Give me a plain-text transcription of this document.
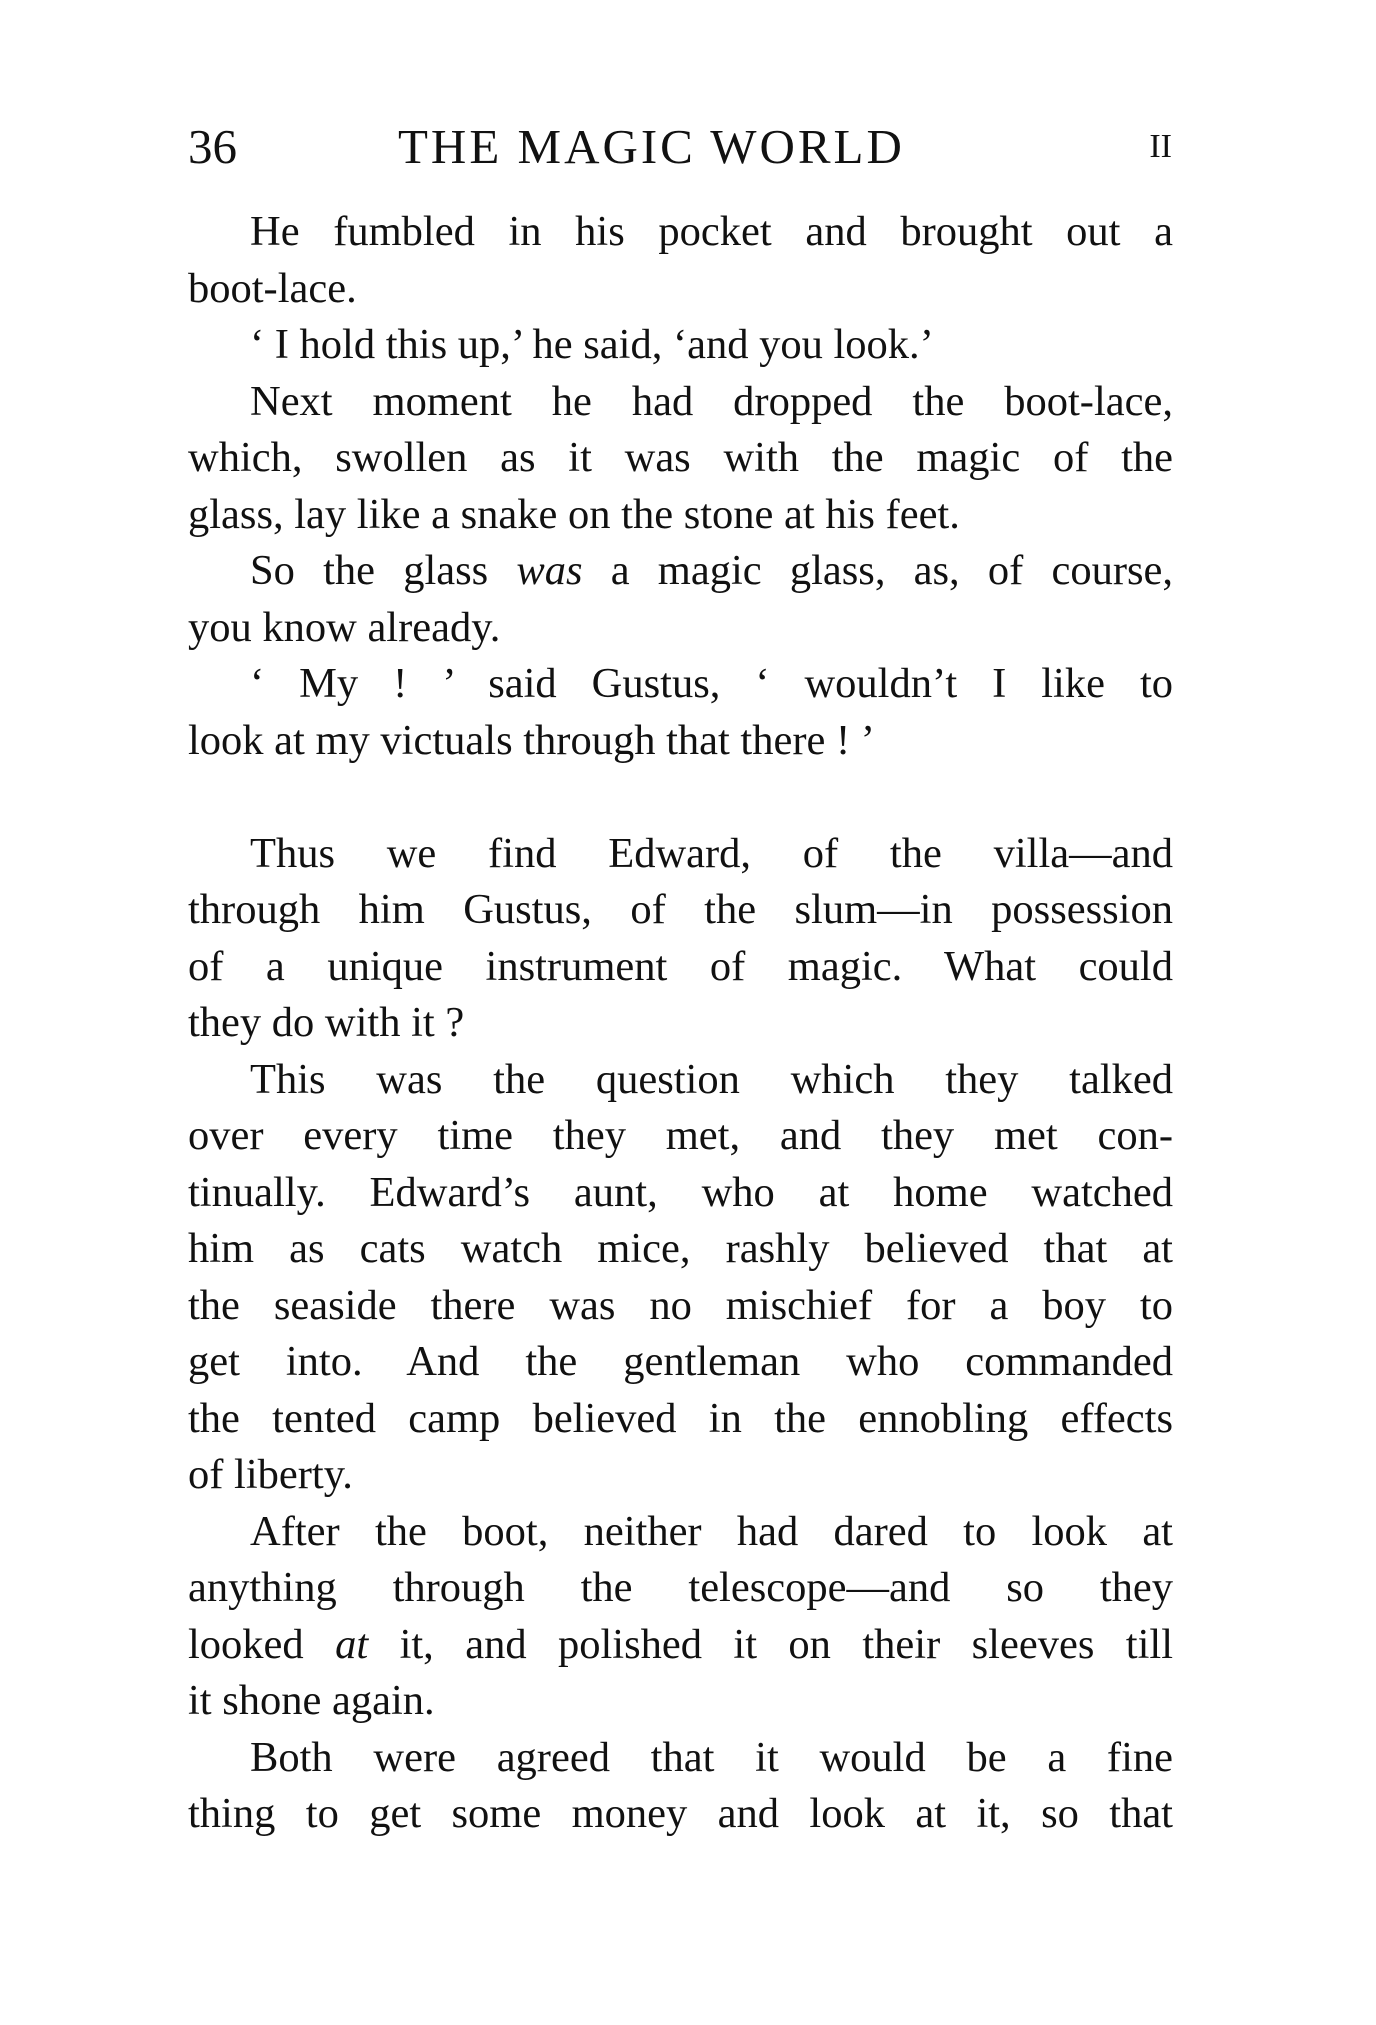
36	THE MAGIC WORLD	II
He fumbled in his pocket and brought out a
boot-lace.
‘ I hold this up,’ he said, ‘and you look.’
Next moment he had dropped the boot-lace,
which, swollen as it was with the magic of the
glass, lay like a snake on the stone at his feet.
So the glass was a magic glass, as, of course,
you know already.
‘ My ! ’ said Gustus, ‘ wouldn’t I like to
look at my victuals through that there ! ’
Thus we find Edward, of the villa—and
through him Gustus, of the slum—in possession
of a unique instrument of magic. What could
they do with it ?
This was the question which they talked
over every time they met, and they met con-
tinually. Edward’s aunt, who at home watched
him as cats watch mice, rashly believed that at
the seaside there was no mischief for a boy to
get into. And the gentleman who commanded
the tented camp believed in the ennobling effects
of liberty.
After the boot, neither had dared to look at
anything through the telescope—and so they
looked at it, and polished it on their sleeves till
it shone again.
Both were agreed that it would be a fine
thing to get some money and look at it, so that
